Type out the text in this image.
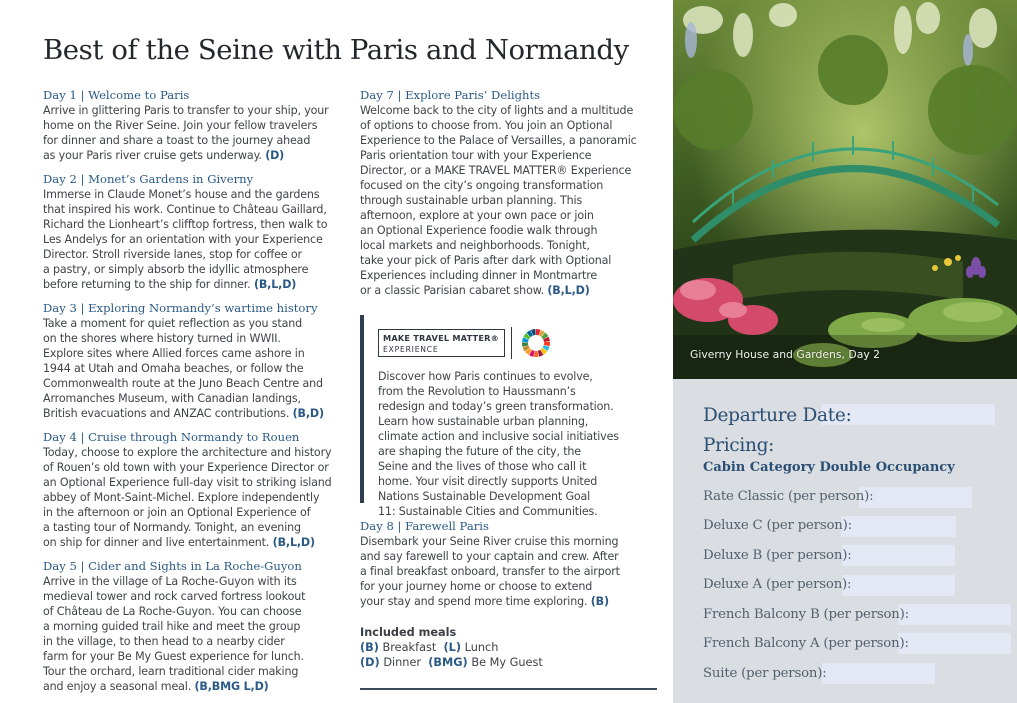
Best of the Seine with Paris and Normandy
Day 1 | Welcome to Paris
Arrive in glittering Paris to transfer to your ship, your
home on the River Seine. Join your fellow travelers
for dinner and share a toast to the journey ahead
as your Paris river cruise gets underway. (D)
Day 2 | Monet’s Gardens in Giverny
Immerse in Claude Monet’s house and the gardens
that inspired his work. Continue to Château Gaillard,
Richard the Lionheart’s clifftop fortress, then walk to
Les Andelys for an orientation with your Experience
Director. Stroll riverside lanes, stop for coffee or
a pastry, or simply absorb the idyllic atmosphere
before returning to the ship for dinner. (B,L,D)
Day 3 | Exploring Normandy’s wartime history
Take a moment for quiet reflection as you stand
on the shores where history turned in WWII.
Explore sites where Allied forces came ashore in
1944 at Utah and Omaha beaches, or follow the
Commonwealth route at the Juno Beach Centre and
Arromanches Museum, with Canadian landings,
British evacuations and ANZAC contributions. (B,D)
Day 4 | Cruise through Normandy to Rouen
Today, choose to explore the architecture and history
of Rouen’s old town with your Experience Director or
an Optional Experience full-day visit to striking island
abbey of Mont-Saint-Michel. Explore independently
in the afternoon or join an Optional Experience of
a tasting tour of Normandy. Tonight, an evening
on ship for dinner and live entertainment. (B,L,D)
Day 5 | Cider and Sights in La Roche-Guyon
Arrive in the village of La Roche-Guyon with its
medieval tower and rock carved fortress lookout
of Château de La Roche-Guyon. You can choose
a morning guided trail hike and meet the group
in the village, to then head to a nearby cider
farm for your Be My Guest experience for lunch.
Tour the orchard, learn traditional cider making
and enjoy a seasonal meal. (B,BMG L,D)
Day 7 | Explore Paris’ Delights
Welcome back to the city of lights and a multitude
of options to choose from. You join an Optional
Experience to the Palace of Versailles, a panoramic
Paris orientation tour with your Experience
Director, or a MAKE TRAVEL MATTER® Experience
focused on the city’s ongoing transformation
through sustainable urban planning. This
afternoon, explore at your own pace or join
an Optional Experience foodie walk through
local markets and neighborhoods. Tonight,
take your pick of Paris after dark with Optional
Experiences including dinner in Montmartre
or a classic Parisian cabaret show. (B,L,D)
MAKE TRAVEL MATTER®
EXPERIENCE
Discover how Paris continues to evolve,
from the Revolution to Haussmann’s
redesign and today’s green transformation.
Learn how sustainable urban planning,
climate action and inclusive social initiatives
are shaping the future of the city, the
Seine and the lives of those who call it
home. Your visit directly supports United
Nations Sustainable Development Goal
11: Sustainable Cities and Communities.
Day 8 | Farewell Paris
Disembark your Seine River cruise this morning
and say farewell to your captain and crew. After
a final breakfast onboard, transfer to the airport
for your journey home or choose to extend
your stay and spend more time exploring. (B)
Included meals
(B) Breakfast (L) Lunch
(D) Dinner (BMG) Be My Guest
Giverny House and Gardens, Day 2
Departure Date:
Pricing:
Cabin Category Double Occupancy
Rate Classic (per person):
Deluxe C (per person):
Deluxe B (per person):
Deluxe A (per person):
French Balcony B (per person):
French Balcony A (per person):
Suite (per person):
